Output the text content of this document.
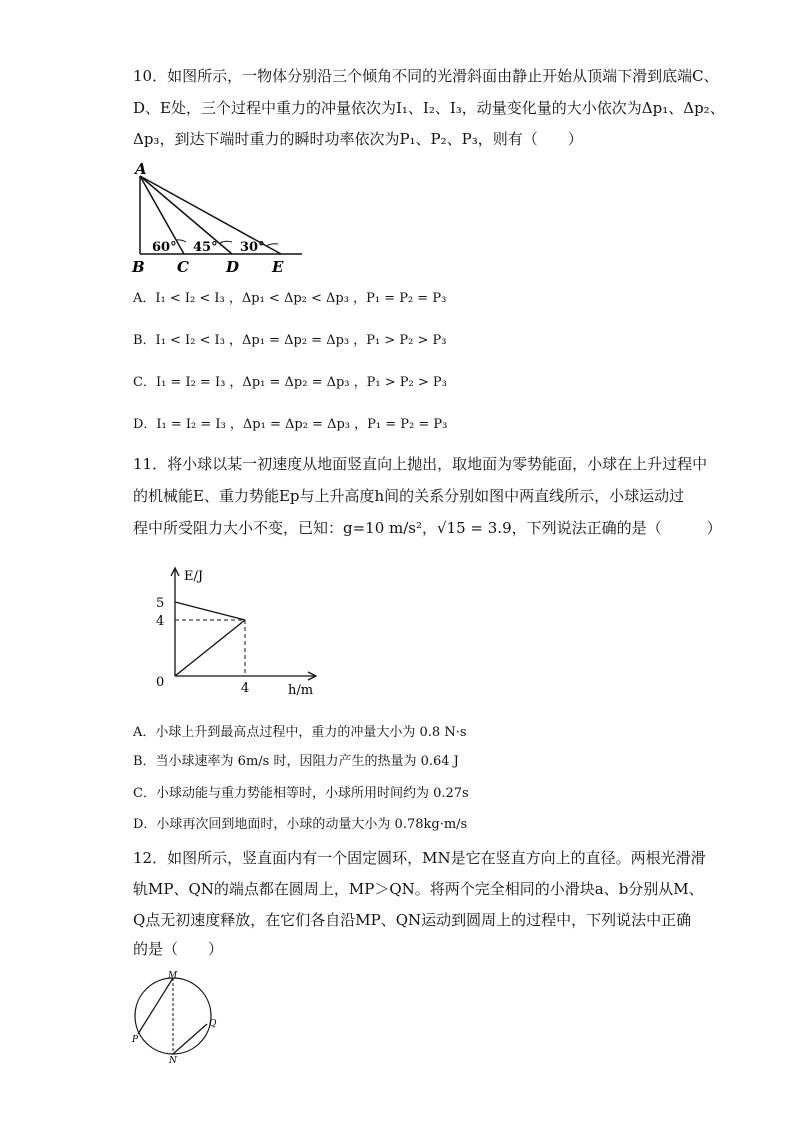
10．如图所示，一物体分别沿三个倾角不同的光滑斜面由静止开始从顶端下滑到底端C、
D、E处，三个过程中重力的冲量依次为I₁、I₂、I₃，动量变化量的大小依次为Δp₁、Δp₂、
Δp₃，到达下端时重力的瞬时功率依次为P₁、P₂、P₃，则有（　　）
A
B C D E
60° 45° 30°
A．I₁ < I₂ < I₃ ，Δp₁ < Δp₂ < Δp₃ ，P₁ = P₂ = P₃
B．I₁ < I₂ < I₃ ，Δp₁ = Δp₂ = Δp₃ ，P₁ > P₂ > P₃
C．I₁ = I₂ = I₃ ，Δp₁ = Δp₂ = Δp₃ ，P₁ > P₂ > P₃
D．I₁ = I₂ = I₃ ，Δp₁ = Δp₂ = Δp₃ ，P₁ = P₂ = P₃
11．将小球以某一初速度从地面竖直向上抛出，取地面为零势能面，小球在上升过程中
的机械能E、重力势能Ep与上升高度h间的关系分别如图中两直线所示，小球运动过
程中所受阻力大小不变，已知：g=10 m/s²，√15 = 3.9，下列说法正确的是（　　　）
E/J
h/m
5
4
4
0
A．小球上升到最高点过程中，重力的冲量大小为 0.8 N·s
B．当小球速率为 6m/s 时，因阻力产生的热量为 0.64 J
C．小球动能与重力势能相等时，小球所用时间约为 0.27s
D．小球再次回到地面时，小球的动量大小为 0.78kg·m/s
12．如图所示，竖直面内有一个固定圆环，MN是它在竖直方向上的直径。两根光滑滑
轨MP、QN的端点都在圆周上，MP＞QN。将两个完全相同的小滑块a、b分别从M、
Q点无初速度释放，在它们各自沿MP、QN运动到圆周上的过程中，下列说法中正确
的是（　　）
M
N
P
Q
